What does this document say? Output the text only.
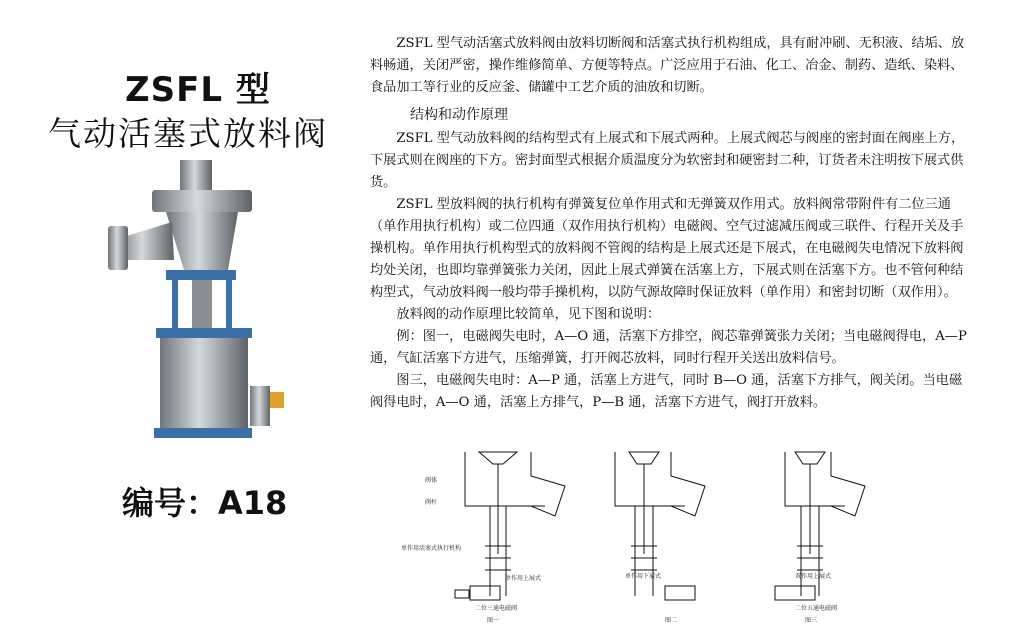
ZSFL 型
气动活塞式放料阀
编号：A18

ZSFL 型气动活塞式放料阀由放料切断阀和活塞式执行机构组成，具有耐冲刷、无积液、结垢、放料畅通，关闭严密，操作维修简单、方便等特点。广泛应用于石油、化工、冶金、制药、造纸、染料、食品加工等行业的反应釜、储罐中工艺介质的油放和切断。

结构和动作原理

ZSFL 型气动放料阀的结构型式有上展式和下展式两种。上展式阀芯与阀座的密封面在阀座上方，下展式则在阀座的下方。密封面型式根据介质温度分为软密封和硬密封二种，订货者未注明按下展式供货。

ZSFL 型放料阀的执行机构有弹簧复位单作用式和无弹簧双作用式。放料阀常带附件有二位三通（单作用执行机构）或二位四通（双作用执行机构）电磁阀、空气过滤减压阀或三联件、行程开关及手操机构。单作用执行机构型式的放料阀不管阀的结构是上展式还是下展式，在电磁阀失电情况下放料阀均处关闭，也即均靠弹簧张力关闭，因此上展式弹簧在活塞上方，下展式则在活塞下方。也不管何种结构型式，气动放料阀一般均带手操机构，以防气源故障时保证放料（单作用）和密封切断（双作用）。

放料阀的动作原理比较简单，见下图和说明：

例：图一，电磁阀失电时，A—O 通，活塞下方排空，阀芯靠弹簧张力关闭；当电磁阀得电，A—P 通，气缸活塞下方进气，压缩弹簧，打开阀芯放料，同时行程开关送出放料信号。

图三，电磁阀失电时：A—P 通，活塞上方进气，同时 B—O 通，活塞下方排气，阀关闭。当电磁阀得电时，A—O 通，活塞上方排气，P—B 通，活塞下方进气，阀打开放料。

阀体
阀杆
单作用活塞式执行机构
单作用上展式
二位三通电磁阀
图一
单作用下展式
图二
双作用上展式
二位五通电磁阀
图三
